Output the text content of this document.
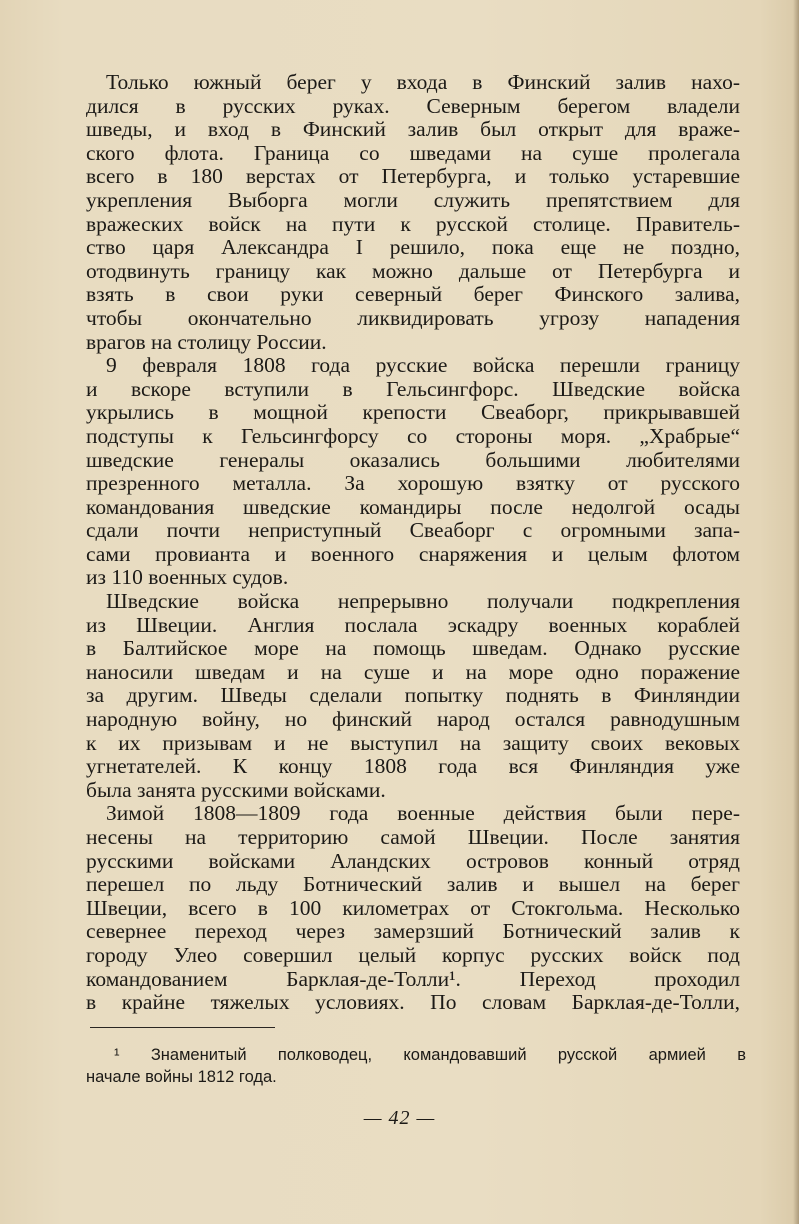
Только южный берег у входа в Финский залив нахо-
дился в русских руках. Северным берегом владели
шведы, и вход в Финский залив был открыт для враже-
ского флота. Граница со шведами на суше пролегала
всего в 180 верстах от Петербурга, и только устаревшие
укрепления Выборга могли служить препятствием для
вражеских войск на пути к русской столице. Правитель-
ство царя Александра I решило, пока еще не поздно,
отодвинуть границу как можно дальше от Петербурга и
взять в свои руки северный берег Финского залива,
чтобы окончательно ликвидировать угрозу нападения
врагов на столицу России.
9 февраля 1808 года русские войска перешли границу
и вскоре вступили в Гельсингфорс. Шведские войска
укрылись в мощной крепости Свеаборг, прикрывавшей
подступы к Гельсингфорсу со стороны моря. „Храбрые“
шведские генералы оказались большими любителями
презренного металла. За хорошую взятку от русского
командования шведские командиры после недолгой осады
сдали почти неприступный Свеаборг с огромными запа-
сами провианта и военного снаряжения и целым флотом
из 110 военных судов.
Шведские войска непрерывно получали подкрепления
из Швеции. Англия послала эскадру военных кораблей
в Балтийское море на помощь шведам. Однако русские
наносили шведам и на суше и на море одно поражение
за другим. Шведы сделали попытку поднять в Финляндии
народную войну, но финский народ остался равнодушным
к их призывам и не выступил на защиту своих вековых
угнетателей. К концу 1808 года вся Финляндия уже
была занята русскими войсками.
Зимой 1808—1809 года военные действия были пере-
несены на территорию самой Швеции. После занятия
русскими войсками Аландских островов конный отряд
перешел по льду Ботнический залив и вышел на берег
Швеции, всего в 100 километрах от Стокгольма. Несколько
севернее переход через замерзший Ботнический залив к
городу Улео совершил целый корпус русских войск под
командованием Барклая-де-Толли¹. Переход проходил
в крайне тяжелых условиях. По словам Барклая-де-Толли,
¹ Знаменитый полководец, командовавший русской армией в
начале войны 1812 года.
— 42 —
